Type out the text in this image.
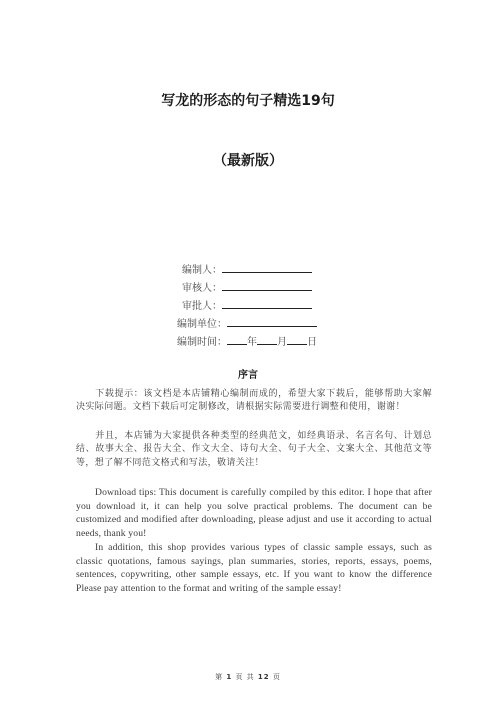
写龙的形态的句子精选19句
（最新版）
编制人：
审核人：
审批人：
编制单位：
编制时间： 年 月 日
序言
下载提示：该文档是本店铺精心编制而成的，希望大家下载后，能够帮助大家解决实际问题。文档下载后可定制修改，请根据实际需要进行调整和使用，谢谢！
并且，本店铺为大家提供各种类型的经典范文，如经典语录、名言名句、计划总结、故事大全、报告大全、作文大全、诗句大全、句子大全、文案大全、其他范文等等，想了解不同范文格式和写法，敬请关注！
Download tips: This document is carefully compiled by this editor. I hope that after you download it, it can help you solve practical problems. The document can be customized and modified after downloading, please adjust and use it according to actual needs, thank you!
In addition, this shop provides various types of classic sample essays, such as classic quotations, famous sayings, plan summaries, stories, reports, essays, poems, sentences, copywriting, other sample essays, etc. If you want to know the difference Please pay attention to the format and writing of the sample essay!
第 1 页 共 12 页
